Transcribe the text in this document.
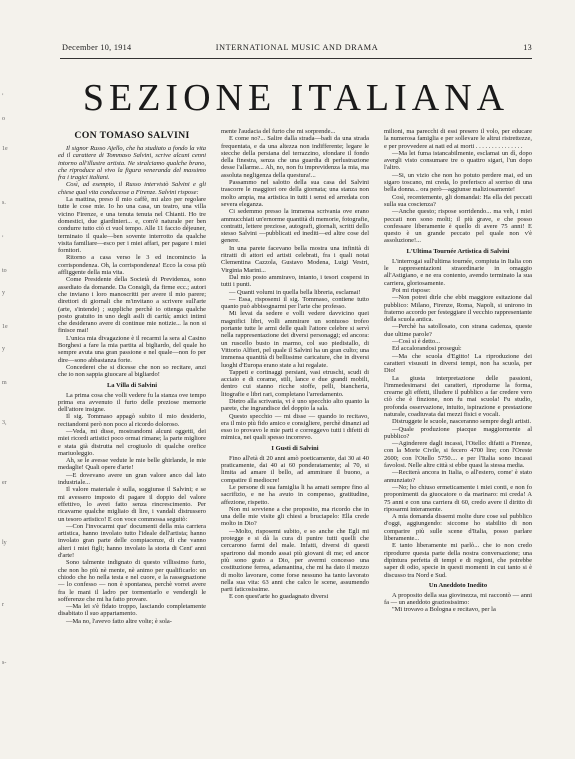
,
o
1e
s.
,
to
y
1e
y
m
3,
er
ly
r
s-
December 10, 1914	INTERNATIONAL MUSIC AND DRAMA	13
SEZIONE ITALIANA
CON TOMASO SALVINI

Il signor Russo Ajello, che ha studiato a fondo la vita ed il carattere di Tommaso Salvini, scrive alcuni cenni intorno all'illustre artista. Ne stralciamo qualche brano, che riproduce al vivo la figura veneranda del massimo fra i tragici italiani.

Così, ad esempio, il Russo intervistò Salvini e gli chiese qual vita conducesse a Firenze. Salvini rispose:

La mattina, preso il mio caffè, mi alzo per regolare tutte le cose mie. Io ho una casa, un teatro, una villa vicino Firenze, e una tenuta tenuta nel Chianti. Ho tre domestici, due giardinieri... e, com'è naturale per ben condurre tutto ciò ci vuol tempo. Alle 11 faccio déjeuner, terminato il quale—ben sovente interrotto da qualche visita familiare—esco per i miei affari, per pagare i miei fornitori.

Ritorno a casa verso le 3 ed incomincio la corrispondenza. Oh, la corrispondenza! Ecco la cosa più affliggente della mia vita.

Come Presidente della Società di Previdenza, sono assediato da domande. Da Consigli, da firme ecc.; autori che inviano i loro manoscritti per avere il mio parere; direttori di giornali che m'invitano a scrivere sull'arte (arte, s'intende) ; suppliche perchè io ottenga qualche posto gratuito in uno degli asili di carità; amici intimi che desiderano avere di continue mie notizie... la non si finisce mai!

L'unica mia divagazione è il recarmi la sera al Casino Borghesi a fare la mia partita al bigliardo, del quale ho sempre avuta una gran passione e nel quale—non fo per dire—sono abbastanza forte.

Concederei che si dicesse che non so recitare, anzi che io non sappia giuocare al bigliardo!

La Villa di Salvini

La prima cosa che volli vedere fu la stanza ove tempo prima era avvenuto il furto delle preziose memorie dell'attore insigne.

Il sig. Tommaso appagò subito il mio desiderio, recitandomi però non poco al ricordo doloroso.

—Veda, mi disse, mostrandomi alcuni oggetti, dei miei ricordi artistici poco ormai rimane; la parte migliore e stata già distrutta nel crogiuolo di qualche orefice mariuoleggio.

Ah, se le avesse vedute le mie belle ghirlande, le mie medaglie! Quali opere d'arte!

—E dovevano avere un gran valore anco dal lato industriale...

Il valore materiale è sulla, soggiunse il Salvini; e se mi avessero imposto di pagare il doppio del valore effettivo, lo avrei fatto senza rincrescimento. Per ricavarne qualche migliaio di lire, i vandali distrussero un tesoro artistico! E con voce commossa seguitò:

—Con l'invocarmi que' documenti della mia carriera artistica, hanno involato tutto l'ideale dell'artista; hanno involato gran parte delle compiacenze, di che vanno alteri i miei figli; hanno involato la storia di Cent' anni d'arte!

Sono talmente indignato di questo villissimo furto, che non ho più nè mente, nè animo per qualificarlo: un chiodo che ho nella testa e nel cuore, e la rassegnazione — lo confesso — non è spontanea, perchè vorrei avere fra le mani il ladro per tormentarlo e vendergli le sofferenze che mi ha fatto provare.

—Ma lei s'è fidato troppo, lasciando completamente disabitato il suo appartamento.

—Ma no, l'avevo fatto altre volte; è sola-

mente l'audacia del furto che mi sorprende...

E come no?... Salire dalla strada—badi da una strada frequentata, e da una altezza non indifferente; legare le stecche della persiana del terrazzino, sfondare il fondo della finestra, senza che una guardia di perlustrazione desse l'allarme... Ah, no, non fu imprevidenza la mia, ma assoluta negligenza della questura!...

Passammo nel salotto della sua casa del Salvini trascorre le maggiori ore della giornata; una stanza non molto ampia, ma artistica in tutti i sensi ed arredata con severa eleganza.

Ci sedemmo presso la immensa scrivania ove erano ammucchiati un'ernorme quantità di memorie, fotografie, contratti, lettere preziose, autografi, giornali, scritti dello stesso Salvini —pubblicati ed inediti—ed altre cose del genere.

In una parete facevano bella mostra una infinità di ritratti di attori ed artisti celebrati, fra i quali notai Clementina Cazzola, Gustavo Modena, Luigi Vestri, Virginia Marini...

Dal mio posto ammiravo, intanto, i tesori cospersi in tutti i punti.

— Quanti volumi in quella bella libreria, esclamai!

— Essa, risposemi il sig. Tommaso, contiene tutto quanto può abbisognarmi per l'arte che professo.

Mi levai da sedere e volli vedere davvicino quei magnifici libri, volli ammirare un sontuoso trofeo portante tutte le armi delle quali l'attore celebre si servì nella rappresentazione dei diversi personaggi; ed ancora: un ruscello busto in marmo, col suo piedistallo, di Vittorio Alfieri, pel quale il Salvini ha un gran culto; una immensa quantità di bellissime caricature, che in diversi luoghi d'Europa erano state a lui regalate.

Tappeti e cortinaggi persiani, vasi etruschi, scudi di acciaio e di corame, stili, lance e due grandi mobili, dentro cui stanno ricche stoffe, pelli, biancheria, litografie e libri rari, completano l'arredamento.

Dietro alla scrivania, vi è uno specchio alto quanto la parete, che ingrandisce del doppio la sala.

Questo specchio — mi disse — quando io recitavo, era il mio più fido amico e consigliere, perchè dinanzi ad esso io provavo le mie parti e correggevo tutti i difetti di mimica, nei quali spesso incorrevo.

I Gusti di Salvini

Fino all'età di 20 anni amò poeticamente, dai 30 ai 40 praticamente, dai 40 ai 60 ponderatamente; al 70, si limita ad amare il bello, ad ammirare il buono, a compatire il mediocre!

Le persone di sua famiglia li ha amati sempre fino al sacrifizio, e ne ha avuto in compenso, gratitudine, affezione, rispetto.

Non mi sovviene a che proposito, ma ricordo che in una delle mie visite gli chiesi a bruciapelo: Ella crede molto in Dio?

—Molto, risposemi subito, e so anche che Egli mi protegge e si dà la cura di punire tutti quelli che cercarono farmi del male. Infatti, diversi di questi sparirono dal mondo assai più giovani di me; ed ancor più sono grato a Dio, per avermi concesso una costituzione ferrea, adamantina, che mi ha dato il mezzo di molto lavorare, come forse nessuno ha tanto lavorato nella sua vita: 63 anni che calco le scene, assumendo parti faticosissime.

E con quest'arte ho guadagnato diversi

milioni, ma parecchi di essi presero il volo, per educare la numerosa famiglia e per sollevare le altrui ristrettezze, e per provvedere ai nati ed ai morti . . . . . . . . . . . . . . .

—Ma lei fuma istancabilmente, esclamai un dì, dopo avergli visto consumare tre o quattro sigari, l'un dopo l'altro.

—Si, un vizio che non ho potuto perdere mai, ed un sigaro toscano, mi creda, lo preferisco al sorriso di una bella donna... ora però—aggiunse maliziosamente!

Così, recentemente, gli domandai: Ha ella dei peccati sulla sua coscienza?

—Anche questo; rispose sorridendo... ma veh, i miei peccati non sono molti; il più grave, e che posso confessare liberamente è quello di avere 75 anni! E questo è un grande peccato pel quale non v'è assoluzione!...

L'Ultima Tournée Artistica di Salvini

L'interrogai sull'ultima tournée, compiuta in Italia con le rappresentazioni straordinarie in omaggio all'Astigiano, e ne era contento, avendo terminato la sua carriera, gloriosamente.

Poi mi rispose:

—Non potrei dirle che ebbi maggiore esitazione dal pubblico: Milano, Firenze, Roma, Napoli, si unirono in fraterno accordo per festeggiare il vecchio rappresentante della scuola antica.

—Perchè ha satollosato, con strana cadenza, queste due ultime parole?

—Così si è detto...

Ed accalorandosi proseguì:

—Ma che scuola d'Egitto! La riproduzione dei caratteri visusuti in diversi tempi, non ha scuola, per Dio!

La giusta interpretazione delle passioni, l'immedesimarsi dei caratteri, riprodurne la forma, crearne gli effetti, illudere il pubblico a far credere vero ciò che è finzione, non fu mai scuola! Fu studio, profonda osservazione, intuito, ispirazione e prestazione naturale, coadiuvata dai mezzi fisici e vocali.

Distruggete le scuole, nasceranno sempre degli artisti.

—Quale produzione piacque maggiormente al pubblico?

—Aginderere dagli incassi, l'Otello: difatti a Firenze, con la Morte Civile, si fecero 4700 lire; con l'Oreste 2600; con l'Otello 5750.... e per l'Italia sono incassi favolosi. Nelle altre città si ebbe quasi la stessa media.

—Reciterà ancora in Italia, o all'estero, come' è stato annunziato?

—No; ho chiuso ermeticamente i miei conti, e non fo proponimenti da giuocatore o da marinaro: mi creda! A 75 anni e con una carriera di 60, credo avere il diritto di riposarmi interamente.

A mia domanda dissemi molte dure cose sul pubblico d'oggi, aggiungendo: siccome ho stabilito di non comparire più sulle scene d'Italia, posso parlare liberamente...

E tanto liberamente mi parlò... che io non credo riprodurre questa parte della nostra conversazione; una dipintura perfetta di tempi e di regioni, che potrebbe saper di odio, specie in questi momenti in cui tanto si è discusso tra Nord e Sud.

Un Aneddoto Inedito

A proposito della sua giovinezza, mi raccontò — anni fa — un aneddoto graziosissimo:

"Mi trovavo a Bologna e recitavo, per la
